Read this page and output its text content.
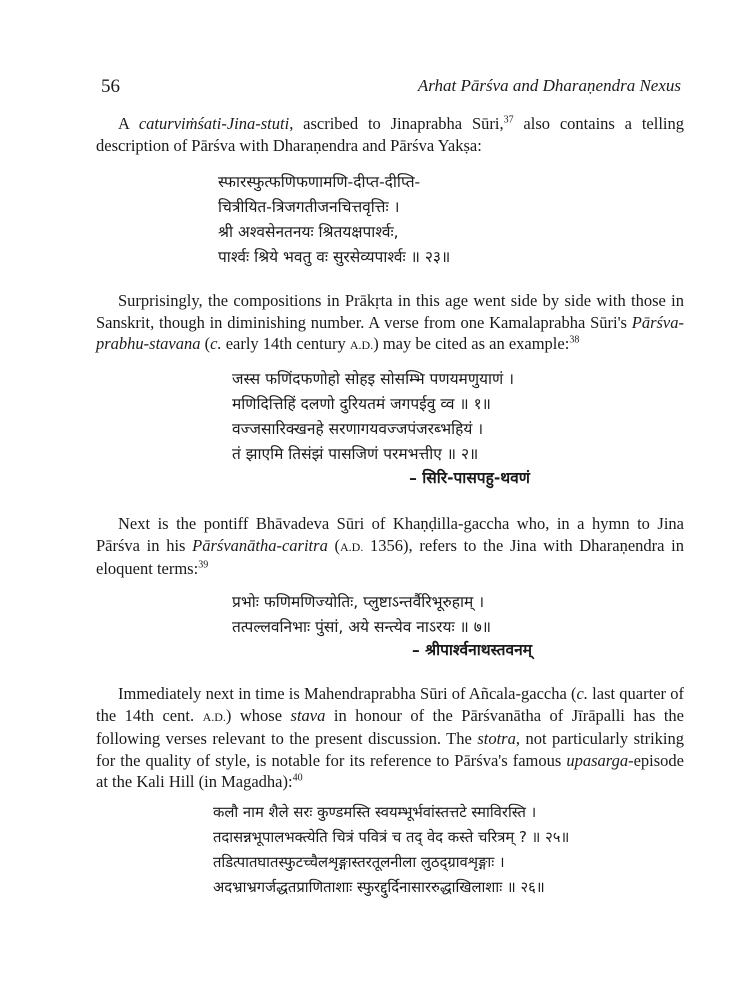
56	Arhat Pārśva and Dharaṇendra Nexus

A caturviṁśati-Jina-stuti, ascribed to Jinaprabha Sūri,$^{37}$ also contains a telling description of Pārśva with Dharaṇendra and Pārśva Yakṣa:

स्फारस्फुत्फणिफणामणि-दीप्त-दीप्ति-
चित्रीयित-त्रिजगतीजनचित्तवृत्तिः ।
श्री अश्वसेनतनयः श्रितयक्षपार्श्वः,
पार्श्वः श्रिये भवतु वः सुरसेव्यपार्श्वः ॥ २३॥

Surprisingly, the compositions in Prākṛta in this age went side by side with those in Sanskrit, though in diminishing number. A verse from one Kamalaprabha Sūri's Pārśva-prabhu-stavana (c. early 14th century A.D.) may be cited as an example:$^{38}$

जस्स फणिंदफणोहो सोहइ सोसम्भि पणयमणुयाणं ।
मणिदित्तिहिं दलणो दुरियतमं जगपईवु व्व ॥ १॥
वज्जसारिक्खनहे सरणागयवज्जपंजरब्भहियं ।
तं झाएमि तिसंझं पासजिणं परमभत्तीए ॥ २॥
– सिरि-पासपहु-थवणं

Next is the pontiff Bhāvadeva Sūri of Khaṇḍilla-gaccha who, in a hymn to Jina Pārśva in his Pārśvanātha-caritra (A.D. 1356), refers to the Jina with Dharaṇendra in eloquent terms:$^{39}$

प्रभोः फणिमणिज्योतिः, प्लुष्टाऽन्तर्वैरिभूरुहाम् ।
तत्पल्लवनिभाः पुंसां, अये सन्त्येव नाऽरयः ॥ ७॥
– श्रीपार्श्वनाथस्तवनम्

Immediately next in time is Mahendraprabha Sūri of Añcala-gaccha (c. last quarter of the 14th cent. A.D.) whose stava in honour of the Pārśvanātha of Jīrāpalli has the following verses relevant to the present discussion. The stotra, not particularly striking for the quality of style, is notable for its reference to Pārśva's famous upasarga-episode at the Kali Hill (in Magadha):$^{40}$

कलौ नाम शैले सरः कुण्डमस्ति स्वयम्भूर्भवांस्तत्तटे स्माविरस्ति ।
तदासन्नभूपालभक्त्येति चित्रं पवित्रं च तद् वेद कस्ते चरित्रम् ? ॥ २५॥
तडित्पातघातस्फुटच्चैलशृङ्गास्तरतूलनीला लुठद्ग्रावशृङ्गाः ।
अदभ्राभ्रगर्जद्धतप्राणिताशाः स्फुरद्दुर्दिनासाररुद्धाखिलाशाः ॥ २६॥
